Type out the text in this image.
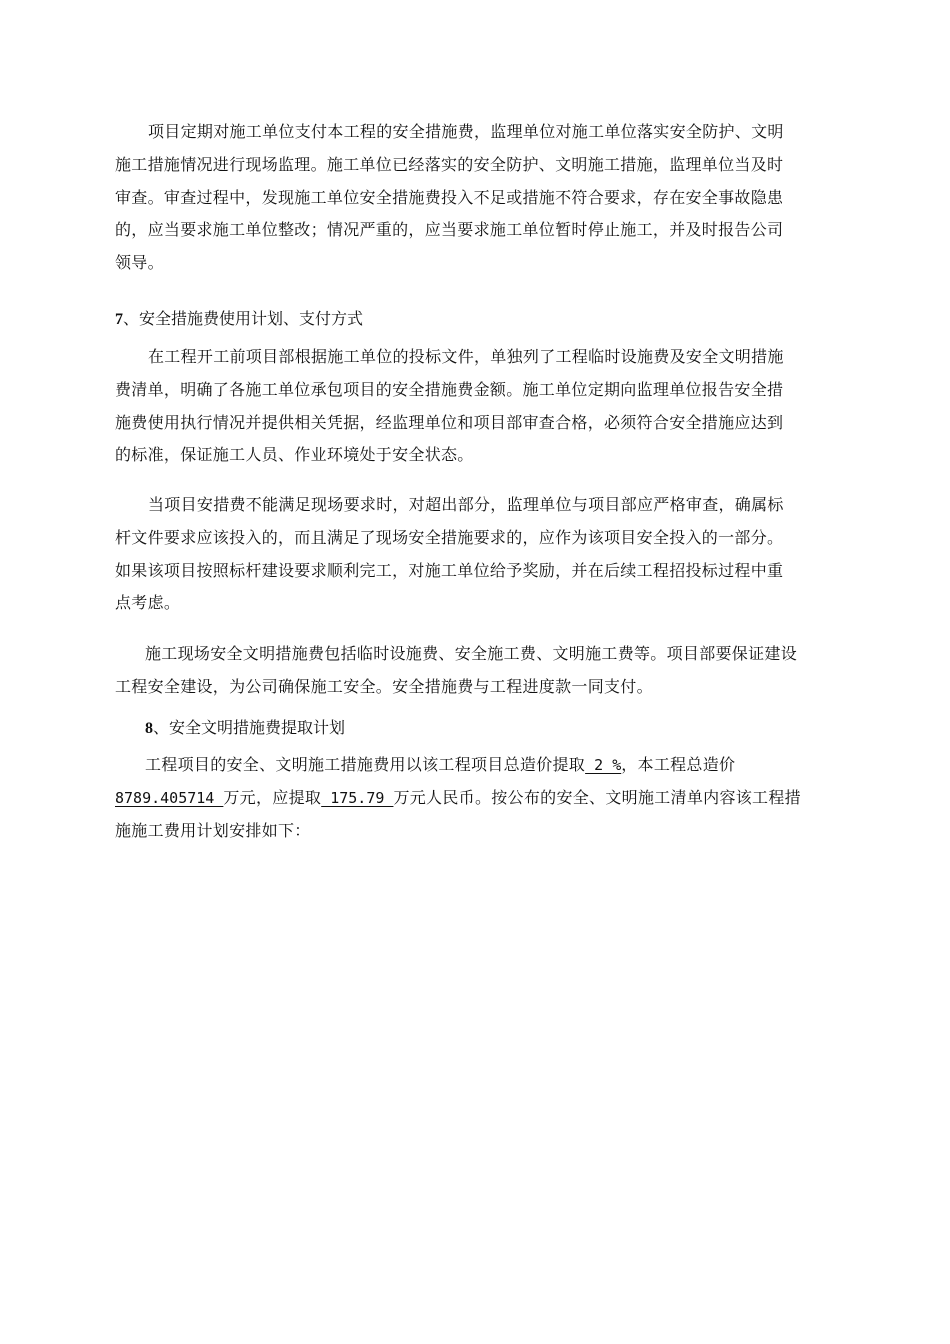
项目定期对施工单位支付本工程的安全措施费，监理单位对施工单位落实安全防护、文明
施工措施情况进行现场监理。施工单位已经落实的安全防护、文明施工措施，监理单位当及时
审查。审查过程中，发现施工单位安全措施费投入不足或措施不符合要求，存在安全事故隐患
的，应当要求施工单位整改；情况严重的，应当要求施工单位暂时停止施工，并及时报告公司
领导。

7、安全措施费使用计划、支付方式

在工程开工前项目部根据施工单位的投标文件，单独列了工程临时设施费及安全文明措施
费清单，明确了各施工单位承包项目的安全措施费金额。施工单位定期向监理单位报告安全措
施费使用执行情况并提供相关凭据，经监理单位和项目部审查合格，必须符合安全措施应达到
的标准，保证施工人员、作业环境处于安全状态。

当项目安措费不能满足现场要求时，对超出部分，监理单位与项目部应严格审查，确属标
杆文件要求应该投入的，而且满足了现场安全措施要求的，应作为该项目安全投入的一部分。
如果该项目按照标杆建设要求顺利完工，对施工单位给予奖励，并在后续工程招投标过程中重
点考虑。

施工现场安全文明措施费包括临时设施费、安全施工费、文明施工费等。项目部要保证建设
工程安全建设，为公司确保施工安全。安全措施费与工程进度款一同支付。

8、安全文明措施费提取计划

工程项目的安全、文明施工措施费用以该工程项目总造价提取 2 %，本工程总造价
8789.405714 万元，应提取 175.79 万元人民币。按公布的安全、文明施工清单内容该工程措
施施工费用计划安排如下：
